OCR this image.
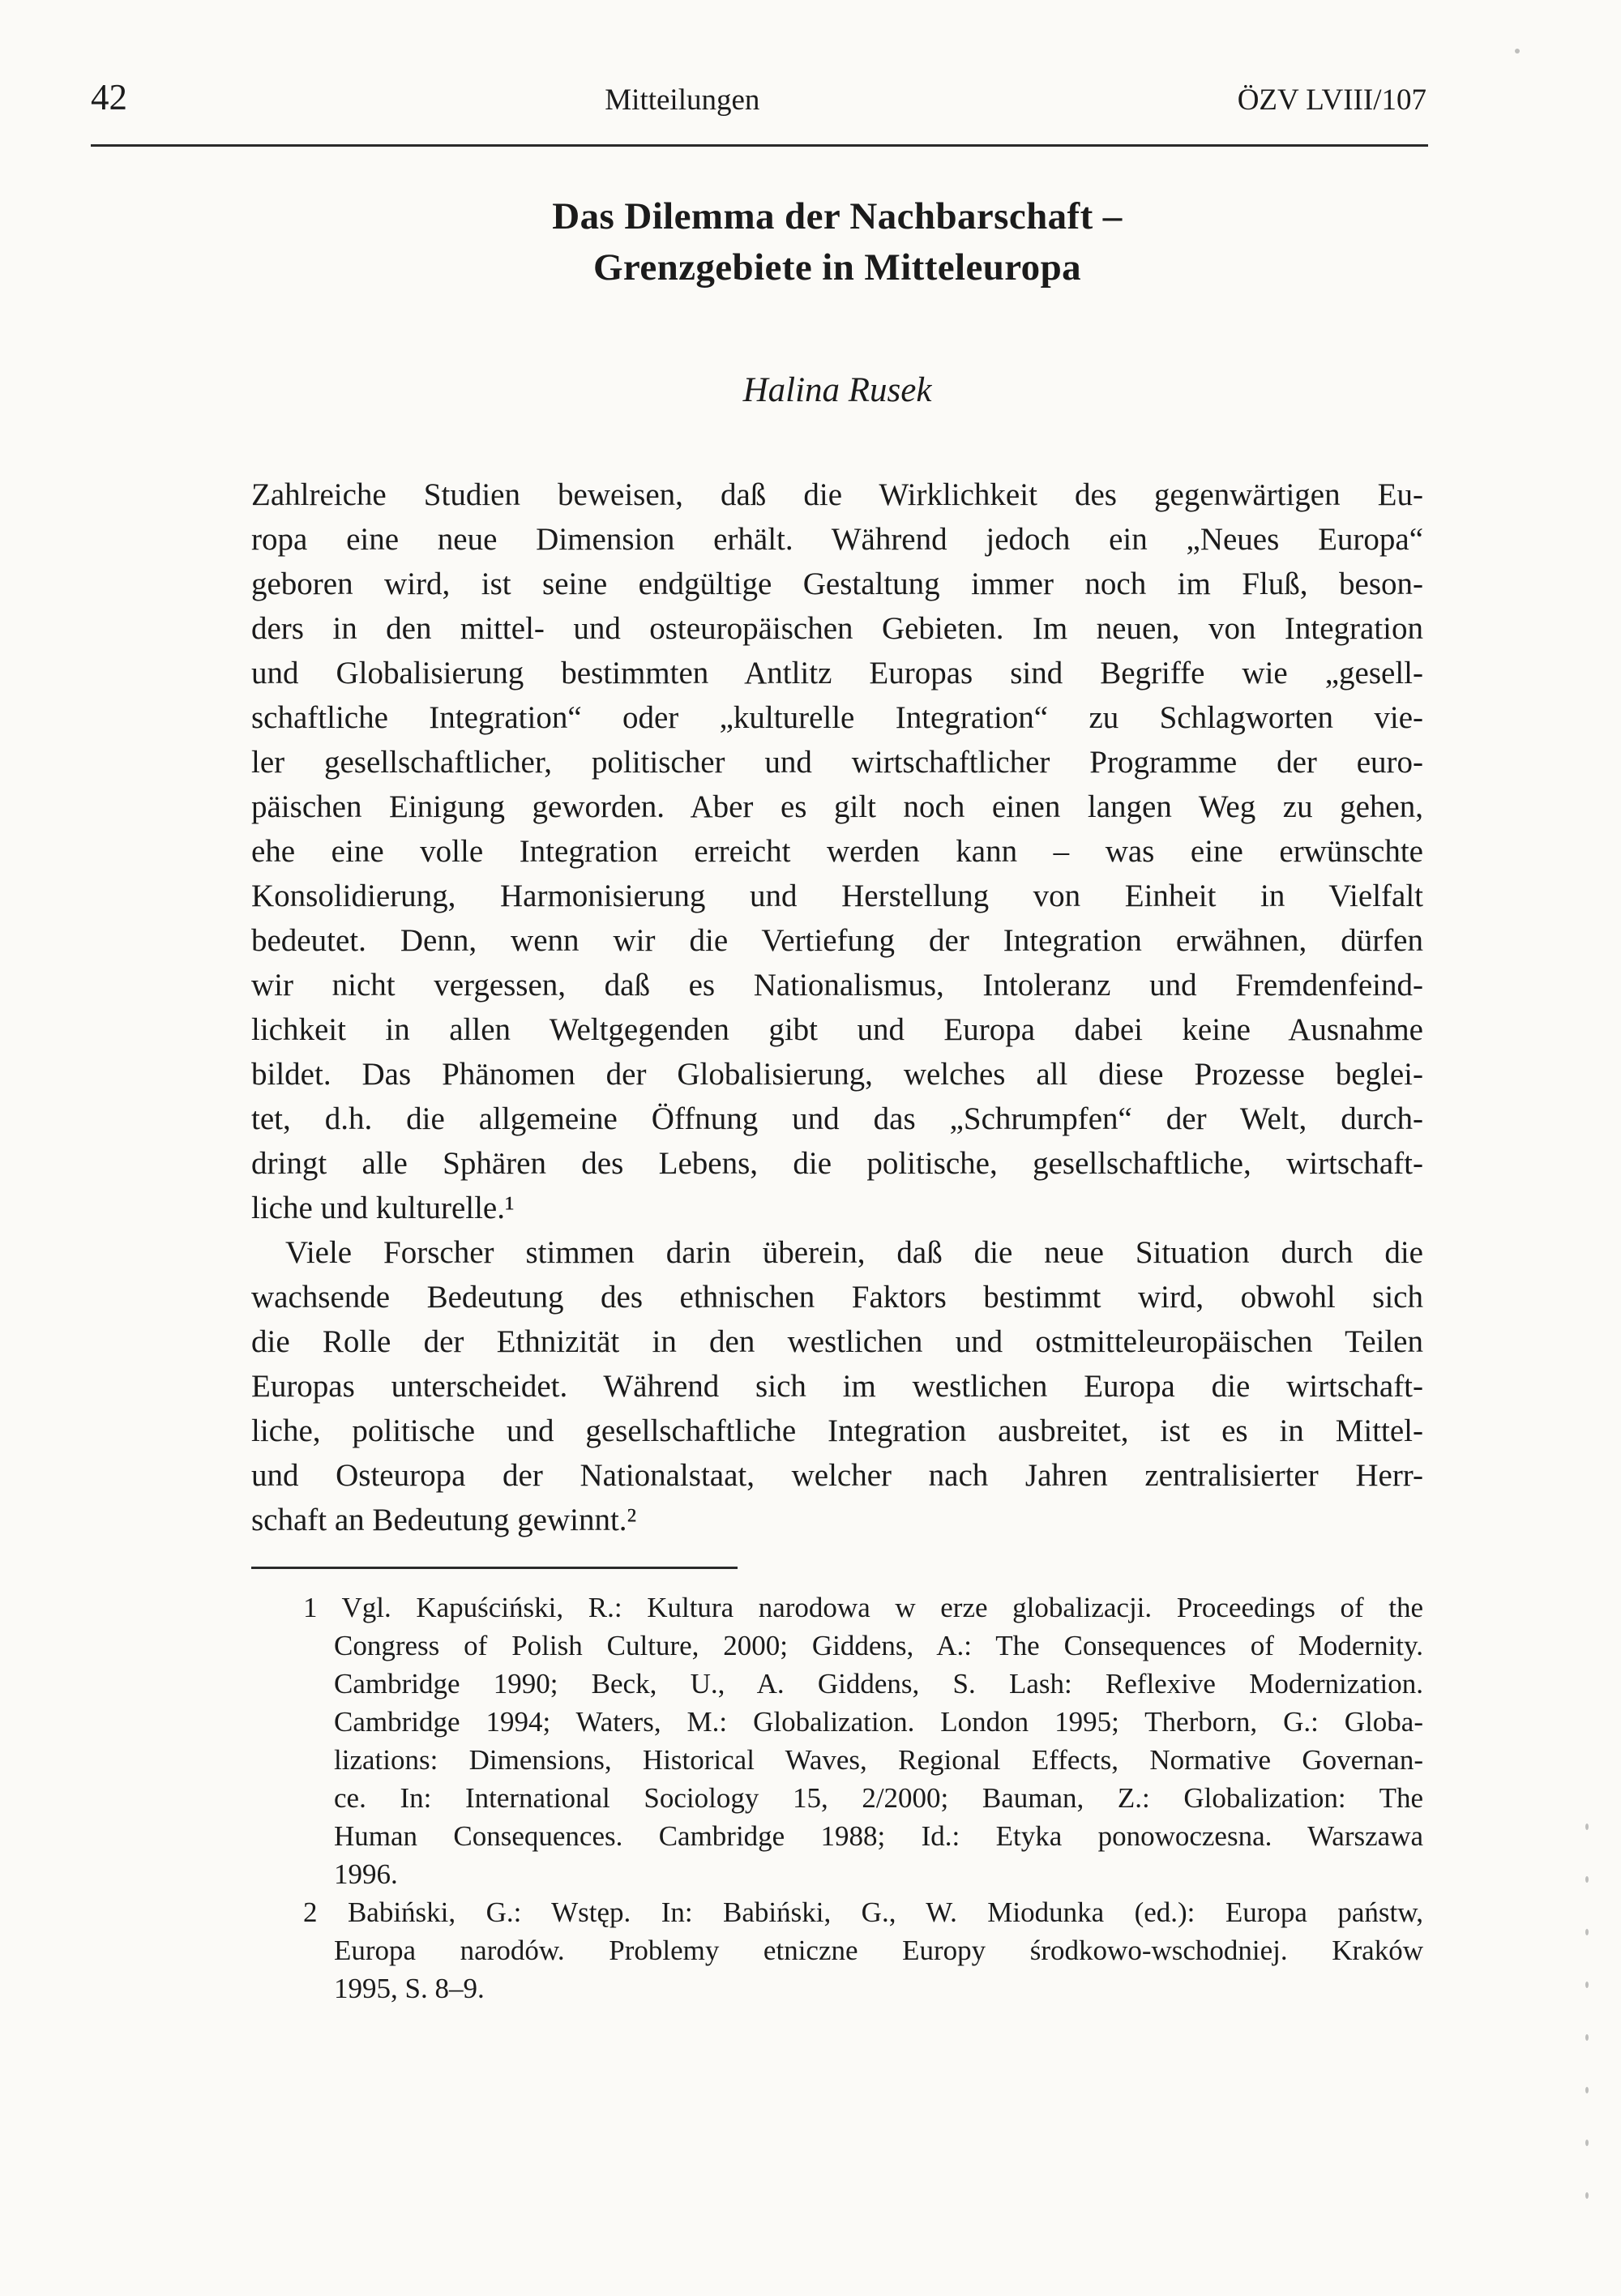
42	Mitteilungen	ÖZV LVIII/107
Das Dilemma der Nachbarschaft –
Grenzgebiete in Mitteleuropa
Halina Rusek
Zahlreiche Studien beweisen, daß die Wirklichkeit des gegenwärtigen Eu-
ropa eine neue Dimension erhält. Während jedoch ein „Neues Europa“
geboren wird, ist seine endgültige Gestaltung immer noch im Fluß, beson-
ders in den mittel- und osteuropäischen Gebieten. Im neuen, von Integration
und Globalisierung bestimmten Antlitz Europas sind Begriffe wie „gesell-
schaftliche Integration“ oder „kulturelle Integration“ zu Schlagworten vie-
ler gesellschaftlicher, politischer und wirtschaftlicher Programme der euro-
päischen Einigung geworden. Aber es gilt noch einen langen Weg zu gehen,
ehe eine volle Integration erreicht werden kann – was eine erwünschte
Konsolidierung, Harmonisierung und Herstellung von Einheit in Vielfalt
bedeutet. Denn, wenn wir die Vertiefung der Integration erwähnen, dürfen
wir nicht vergessen, daß es Nationalismus, Intoleranz und Fremdenfeind-
lichkeit in allen Weltgegenden gibt und Europa dabei keine Ausnahme
bildet. Das Phänomen der Globalisierung, welches all diese Prozesse beglei-
tet, d.h. die allgemeine Öffnung und das „Schrumpfen“ der Welt, durch-
dringt alle Sphären des Lebens, die politische, gesellschaftliche, wirtschaft-
liche und kulturelle.¹
Viele Forscher stimmen darin überein, daß die neue Situation durch die
wachsende Bedeutung des ethnischen Faktors bestimmt wird, obwohl sich
die Rolle der Ethnizität in den westlichen und ostmitteleuropäischen Teilen
Europas unterscheidet. Während sich im westlichen Europa die wirtschaft-
liche, politische und gesellschaftliche Integration ausbreitet, ist es in Mittel-
und Osteuropa der Nationalstaat, welcher nach Jahren zentralisierter Herr-
schaft an Bedeutung gewinnt.²
1 Vgl. Kapuściński, R.: Kultura narodowa w erze globalizacji. Proceedings of the
Congress of Polish Culture, 2000; Giddens, A.: The Consequences of Modernity.
Cambridge 1990; Beck, U., A. Giddens, S. Lash: Reflexive Modernization.
Cambridge 1994; Waters, M.: Globalization. London 1995; Therborn, G.: Globa-
lizations: Dimensions, Historical Waves, Regional Effects, Normative Governan-
ce. In: International Sociology 15, 2/2000; Bauman, Z.: Globalization: The
Human Consequences. Cambridge 1988; Id.: Etyka ponowoczesna. Warszawa
1996.
2 Babiński, G.: Wstęp. In: Babiński, G., W. Miodunka (ed.): Europa państw,
Europa narodów. Problemy etniczne Europy środkowo-wschodniej. Kraków
1995, S. 8–9.
